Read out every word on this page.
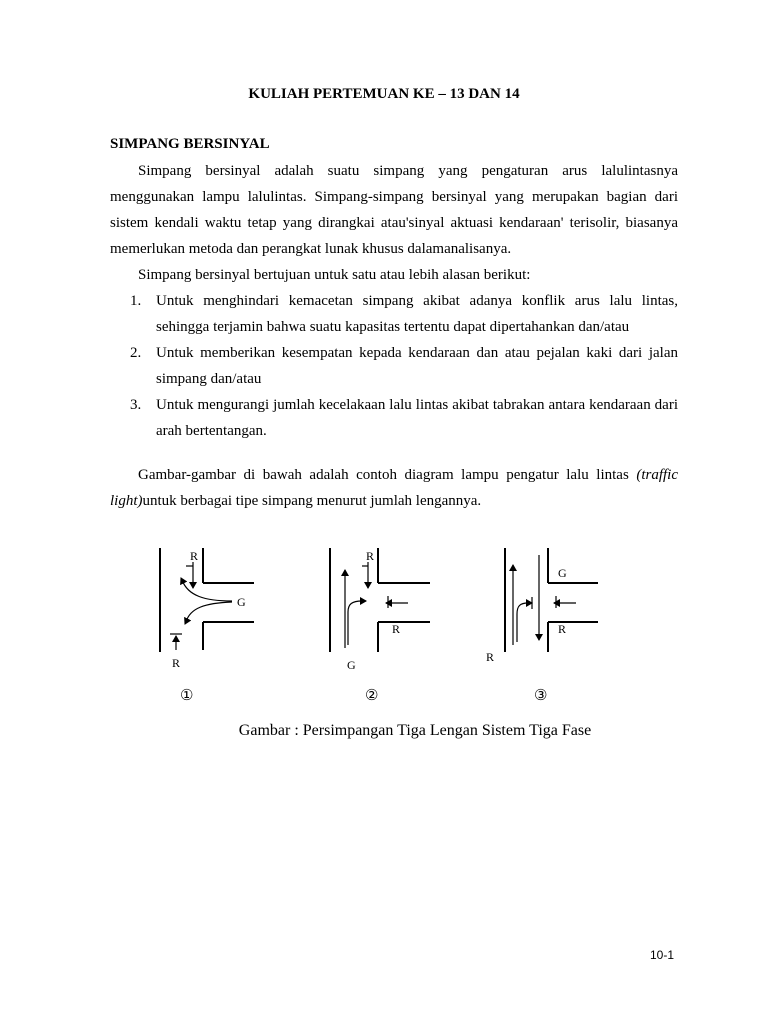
KULIAH PERTEMUAN KE – 13 DAN 14
SIMPANG BERSINYAL
Simpang bersinyal adalah suatu simpang yang pengaturan arus lalulintasnya menggunakan lampu lalulintas. Simpang-simpang bersinyal yang merupakan bagian dari sistem kendali waktu tetap yang dirangkai atau'sinyal aktuasi kendaraan' terisolir, biasanya memerlukan metoda dan perangkat lunak khusus dalamanalisanya.
Simpang bersinyal bertujuan untuk satu atau lebih alasan berikut:
1. Untuk menghindari kemacetan simpang akibat adanya konflik arus lalu lintas, sehingga terjamin bahwa suatu kapasitas tertentu dapat dipertahankan dan/atau
2. Untuk memberikan kesempatan kepada kendaraan dan atau pejalan kaki dari jalan simpang dan/atau
3. Untuk mengurangi jumlah kecelakaan lalu lintas akibat tabrakan antara kendaraan dari arah bertentangan.
Gambar-gambar di bawah adalah contoh diagram lampu pengatur lalu lintas (traffic light)untuk berbagai tipe simpang menurut jumlah lengannya.
R
G
R
①
R
R
G
②
G
R
R
③
Gambar : Persimpangan Tiga Lengan Sistem Tiga Fase
10-1
